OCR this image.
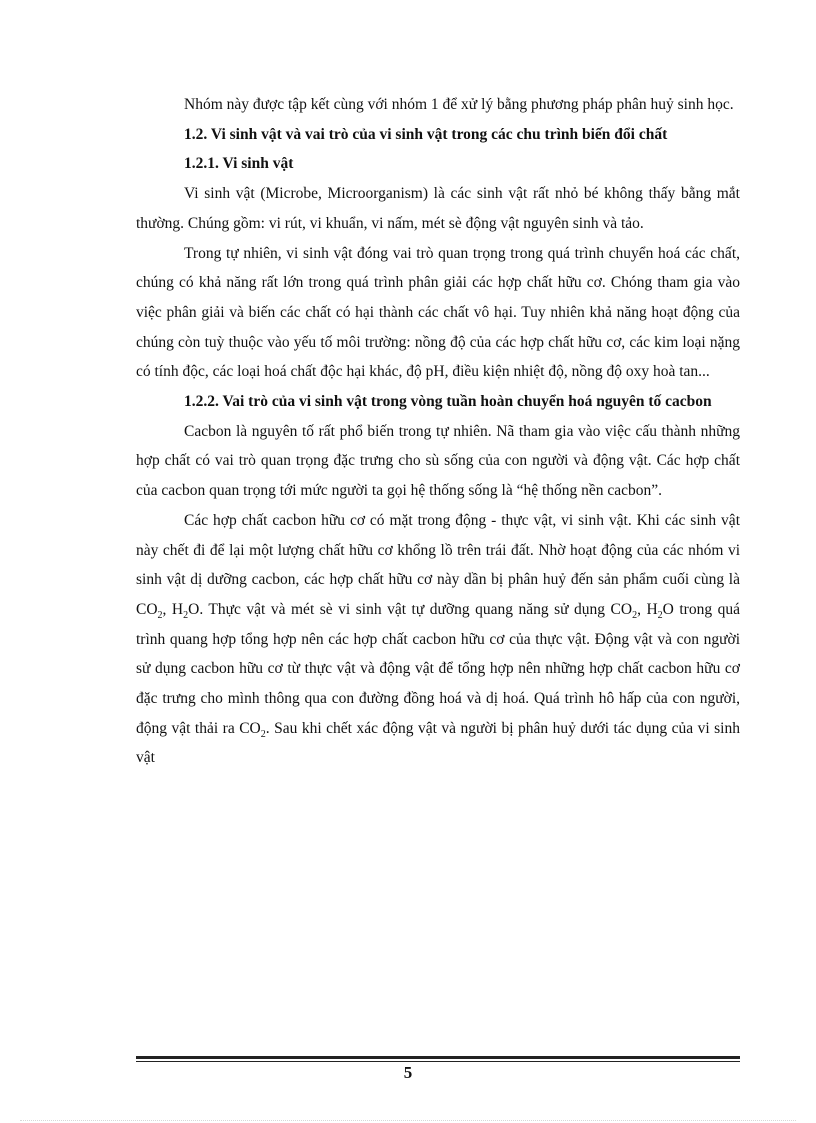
Nhóm này được tập kết cùng với nhóm 1 để xử lý bằng phương pháp phân huỷ sinh học.

1.2. Vi sinh vật và vai trò của vi sinh vật trong các chu trình biến đổi chất

1.2.1. Vi sinh vật

Vi sinh vật (Microbe, Microorganism) là các sinh vật rất nhỏ bé không thấy bằng mắt thường. Chúng gồm: vi rút, vi khuẩn, vi nấm, mét sè động vật nguyên sinh và tảo.

Trong tự nhiên, vi sinh vật đóng vai trò quan trọng trong quá trình chuyển hoá các chất, chúng có khả năng rất lớn trong quá trình phân giải các hợp chất hữu cơ. Chóng tham gia vào việc phân giải và biến các chất có hại thành các chất vô hại. Tuy nhiên khả năng hoạt động của chúng còn tuỳ thuộc vào yếu tố môi trường: nồng độ của các hợp chất hữu cơ, các kim loại nặng có tính độc, các loại hoá chất độc hại khác, độ pH, điều kiện nhiệt độ, nồng độ oxy hoà tan...

1.2.2. Vai trò của vi sinh vật trong vòng tuần hoàn chuyển hoá nguyên tố cacbon

Cacbon là nguyên tố rất phổ biến trong tự nhiên. Nã tham gia vào việc cấu thành những hợp chất có vai trò quan trọng đặc trưng cho sù sống của con người và động vật. Các hợp chất của cacbon quan trọng tới mức người ta gọi hệ thống sống là “hệ thống nền cacbon”.

Các hợp chất cacbon hữu cơ có mặt trong động - thực vật, vi sinh vật. Khi các sinh vật này chết đi để lại một lượng chất hữu cơ khổng lồ trên trái đất. Nhờ hoạt động của các nhóm vi sinh vật dị dưỡng cacbon, các hợp chất hữu cơ này dần bị phân huỷ đến sản phẩm cuối cùng là $CO_2$, $H_2O$. Thực vật và mét sè vi sinh vật tự dưỡng quang năng sử dụng $CO_2$, $H_2O$ trong quá trình quang hợp tổng hợp nên các hợp chất cacbon hữu cơ của thực vật. Động vật và con người sử dụng cacbon hữu cơ từ thực vật và động vật để tổng hợp nên những hợp chất cacbon hữu cơ đặc trưng cho mình thông qua con đường đồng hoá và dị hoá. Quá trình hô hấp của con người, động vật thải ra $CO_2$. Sau khi chết xác động vật và người bị phân huỷ dưới tác dụng của vi sinh vật

5
